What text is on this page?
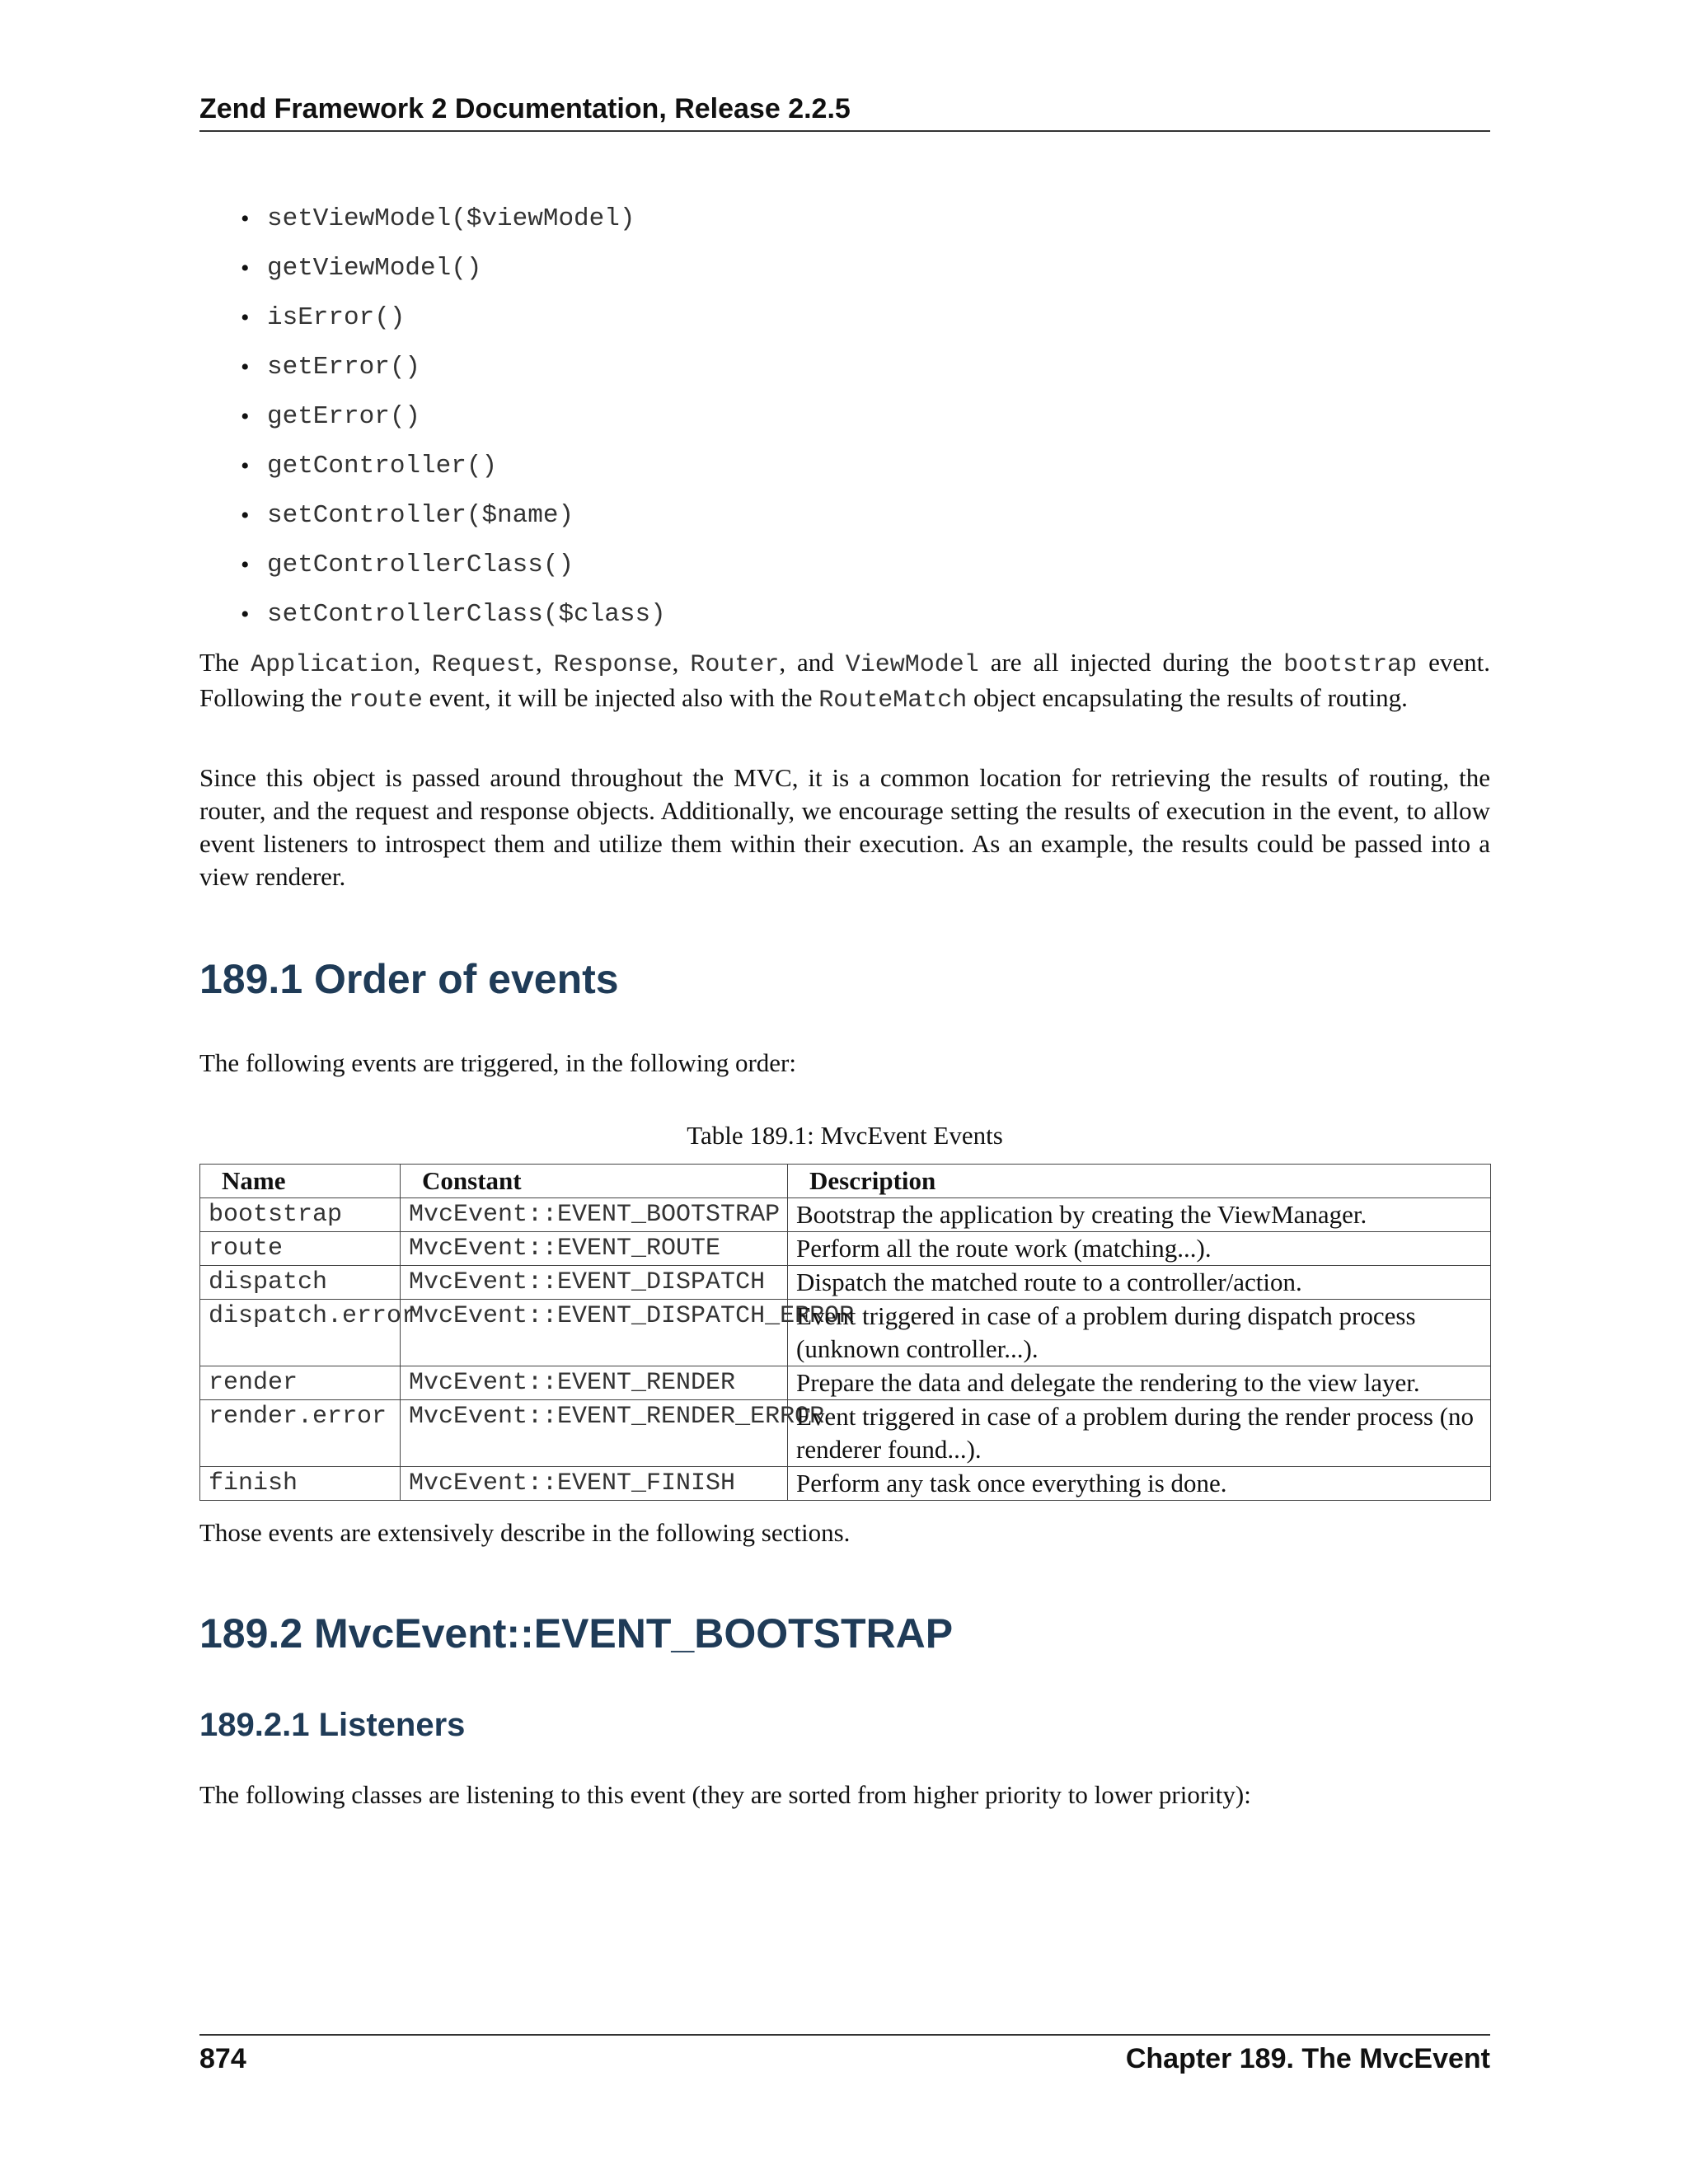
Zend Framework 2 Documentation, Release 2.2.5
• setViewModel($viewModel)
• getViewModel()
• isError()
• setError()
• getError()
• getController()
• setController($name)
• getControllerClass()
• setControllerClass($class)

The Application, Request, Response, Router, and ViewModel are all injected during the bootstrap event. Following the route event, it will be injected also with the RouteMatch object encapsulating the results of routing.

Since this object is passed around throughout the MVC, it is a common location for retrieving the results of routing, the router, and the request and response objects. Additionally, we encourage setting the results of execution in the event, to allow event listeners to introspect them and utilize them within their execution. As an example, the results could be passed into a view renderer.

189.1 Order of events

The following events are triggered, in the following order:

Table 189.1: MvcEvent Events
Name	Constant	Description
bootstrap	MvcEvent::EVENT_BOOTSTRAP	Bootstrap the application by creating the ViewManager.
route	MvcEvent::EVENT_ROUTE	Perform all the route work (matching...).
dispatch	MvcEvent::EVENT_DISPATCH	Dispatch the matched route to a controller/action.
dispatch.error	MvcEvent::EVENT_DISPATCH_ERROR	Event triggered in case of a problem during dispatch process (unknown controller...).
render	MvcEvent::EVENT_RENDER	Prepare the data and delegate the rendering to the view layer.
render.error	MvcEvent::EVENT_RENDER_ERROR	Event triggered in case of a problem during the render process (no renderer found...).
finish	MvcEvent::EVENT_FINISH	Perform any task once everything is done.

Those events are extensively describe in the following sections.

189.2 MvcEvent::EVENT_BOOTSTRAP
189.2.1 Listeners

The following classes are listening to this event (they are sorted from higher priority to lower priority):

874	Chapter 189. The MvcEvent
